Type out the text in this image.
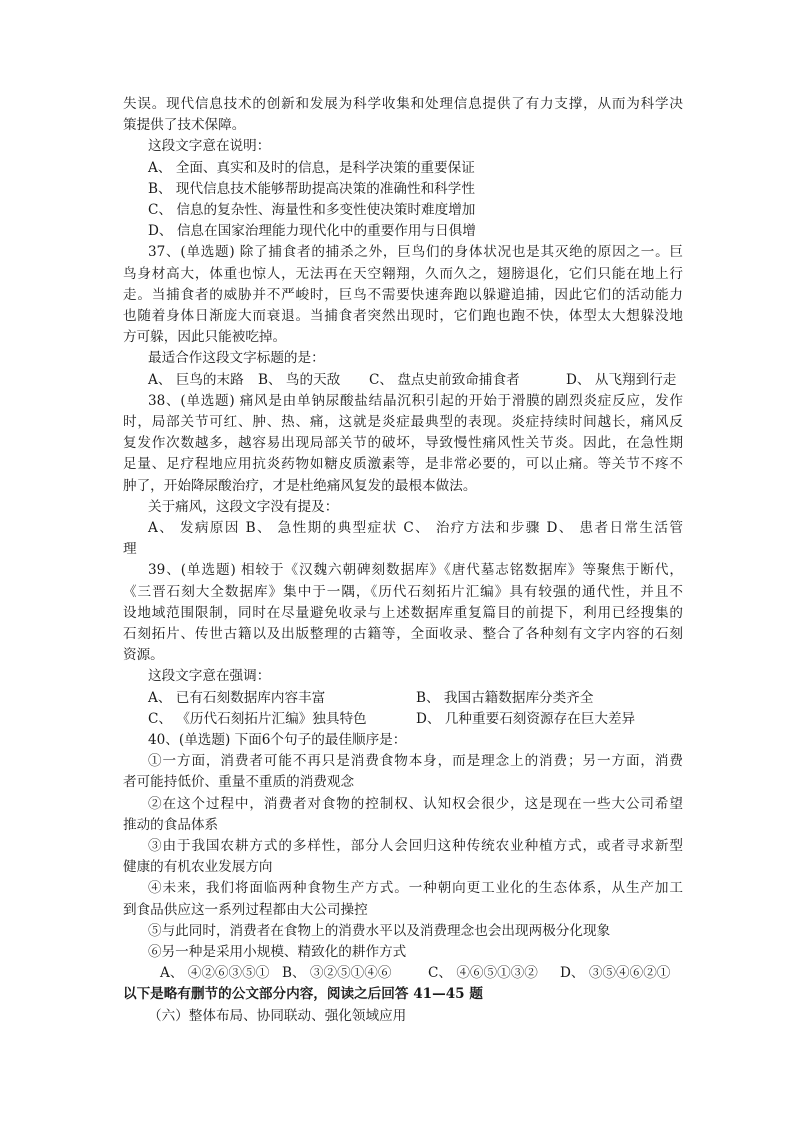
失误。现代信息技术的创新和发展为科学收集和处理信息提供了有力支撑，从而为科学决
策提供了技术保障。
这段文字意在说明：
A、 全面、真实和及时的信息，是科学决策的重要保证
B、 现代信息技术能够帮助提高决策的准确性和科学性
C、 信息的复杂性、海量性和多变性使决策时难度增加
D、 信息在国家治理能力现代化中的重要作用与日俱增
37、(单选题) 除了捕食者的捕杀之外，巨鸟们的身体状况也是其灭绝的原因之一。巨
鸟身材高大，体重也惊人，无法再在天空翱翔，久而久之，翅膀退化，它们只能在地上行
走。当捕食者的威胁并不严峻时，巨鸟不需要快速奔跑以躲避追捕，因此它们的活动能力
也随着身体日渐庞大而衰退。当捕食者突然出现时，它们跑也跑不快，体型太大想躲没地
方可躲，因此只能被吃掉。
最适合作这段文字标题的是：
A、 巨鸟的末路 B、 鸟的天敌 C、 盘点史前致命捕食者	D、 从飞翔到行走
38、(单选题) 痛风是由单钠尿酸盐结晶沉积引起的开始于滑膜的剧烈炎症反应，发作
时，局部关节可红、肿、热、痛，这就是炎症最典型的表现。炎症持续时间越长，痛风反
复发作次数越多，越容易出现局部关节的破坏，导致慢性痛风性关节炎。因此，在急性期
足量、足疗程地应用抗炎药物如糖皮质激素等，是非常必要的，可以止痛。等关节不疼不
肿了，开始降尿酸治疗，才是杜绝痛风复发的最根本做法。
关于痛风，这段文字没有提及：
A、 发病原因 B、 急性期的典型症状 C、 治疗方法和步骤 D、 患者日常生活管
理
39、(单选题) 相较于《汉魏六朝碑刻数据库》《唐代墓志铭数据库》等聚焦于断代，
《三晋石刻大全数据库》集中于一隅，《历代石刻拓片汇编》具有较强的通代性，并且不
设地域范围限制，同时在尽量避免收录与上述数据库重复篇目的前提下，利用已经搜集的
石刻拓片、传世古籍以及出版整理的古籍等，全面收录、整合了各种刻有文字内容的石刻
资源。
这段文字意在强调：
A、 已有石刻数据库内容丰富	B、 我国古籍数据库分类齐全
C、 《历代石刻拓片汇编》独具特色	D、 几种重要石刻资源存在巨大差异
40、(单选题) 下面6个句子的最佳顺序是：
①一方面，消费者可能不再只是消费食物本身，而是理念上的消费；另一方面，消费
者可能持低价、重量不重质的消费观念
②在这个过程中，消费者对食物的控制权、认知权会很少，这是现在一些大公司希望
推动的食品体系
③由于我国农耕方式的多样性，部分人会回归这种传统农业种植方式，或者寻求新型
健康的有机农业发展方向
④未来，我们将面临两种食物生产方式。一种朝向更工业化的生态体系，从生产加工
到食品供应这一系列过程都由大公司操控
⑤与此同时，消费者在食物上的消费水平以及消费理念也会出现两极分化现象
⑥另一种是采用小规模、精致化的耕作方式
A、 ④②⑥③⑤① B、 ③②⑤①④⑥	C、 ④⑥⑤①③② D、 ③⑤④⑥②①
以下是略有删节的公文部分内容，阅读之后回答 41—45 题
（六）整体布局、协同联动、强化领域应用
